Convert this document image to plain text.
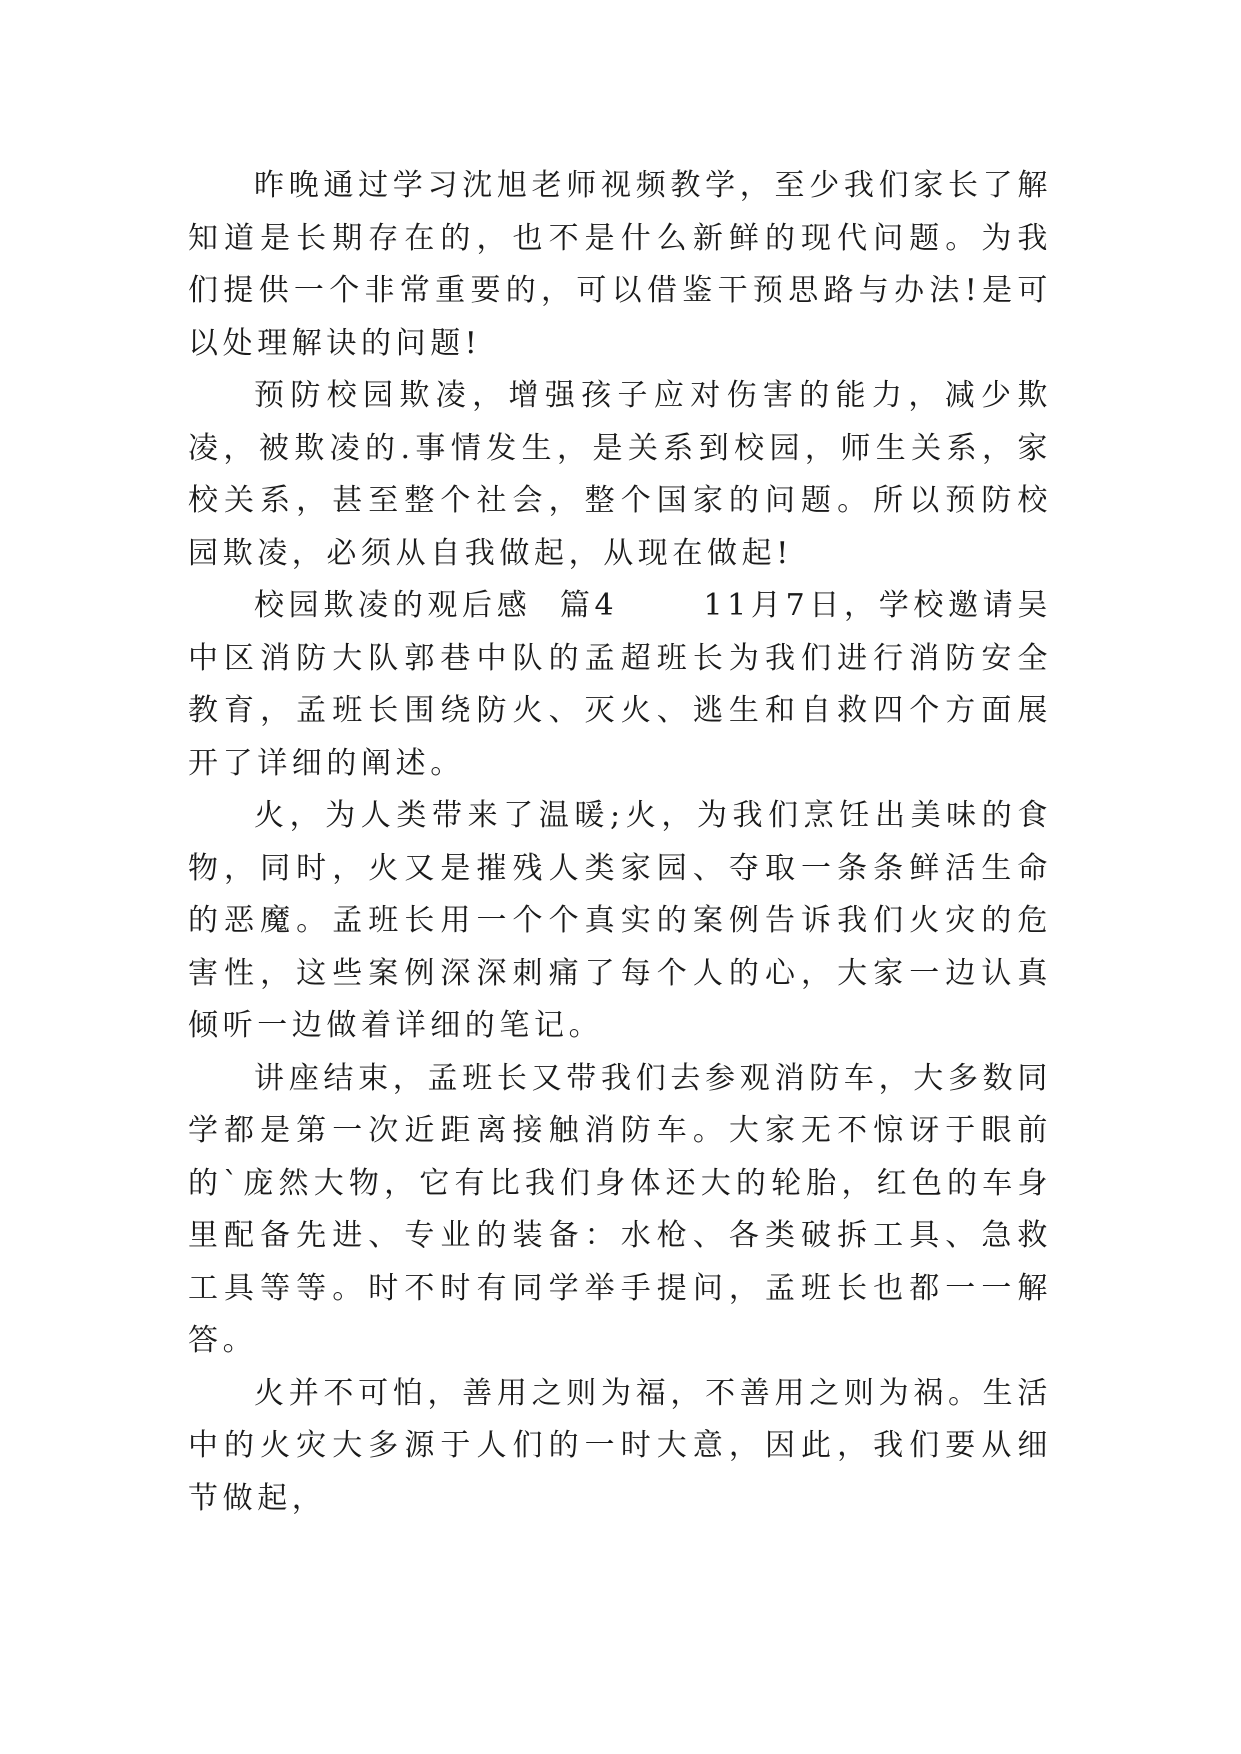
昨晚通过学习沈旭老师视频教学，至少我们家长了解知道是长期存在的，也不是什么新鲜的现代问题。为我们提供一个非常重要的，可以借鉴干预思路与办法!是可以处理解诀的问题!

预防校园欺凌，增强孩子应对伤害的能力，减少欺凌，被欺凌的.事情发生，是关系到校园，师生关系，家校关系，甚至整个社会，整个国家的问题。所以预防校园欺凌，必须从自我做起，从现在做起!

校园欺凌的观后感  篇4      11月7日，学校邀请吴中区消防大队郭巷中队的孟超班长为我们进行消防安全教育，孟班长围绕防火、灭火、逃生和自救四个方面展开了详细的阐述。

火，为人类带来了温暖;火，为我们烹饪出美味的食物，同时，火又是摧残人类家园、夺取一条条鲜活生命的恶魔。孟班长用一个个真实的案例告诉我们火灾的危害性，这些案例深深刺痛了每个人的心，大家一边认真倾听一边做着详细的笔记。

讲座结束，孟班长又带我们去参观消防车，大多数同学都是第一次近距离接触消防车。大家无不惊讶于眼前的`庞然大物，它有比我们身体还大的轮胎，红色的车身里配备先进、专业的装备：水枪、各类破拆工具、急救工具等等。时不时有同学举手提问，孟班长也都一一解答。

火并不可怕，善用之则为福，不善用之则为祸。生活中的火灾大多源于人们的一时大意，因此，我们要从细节做起，
